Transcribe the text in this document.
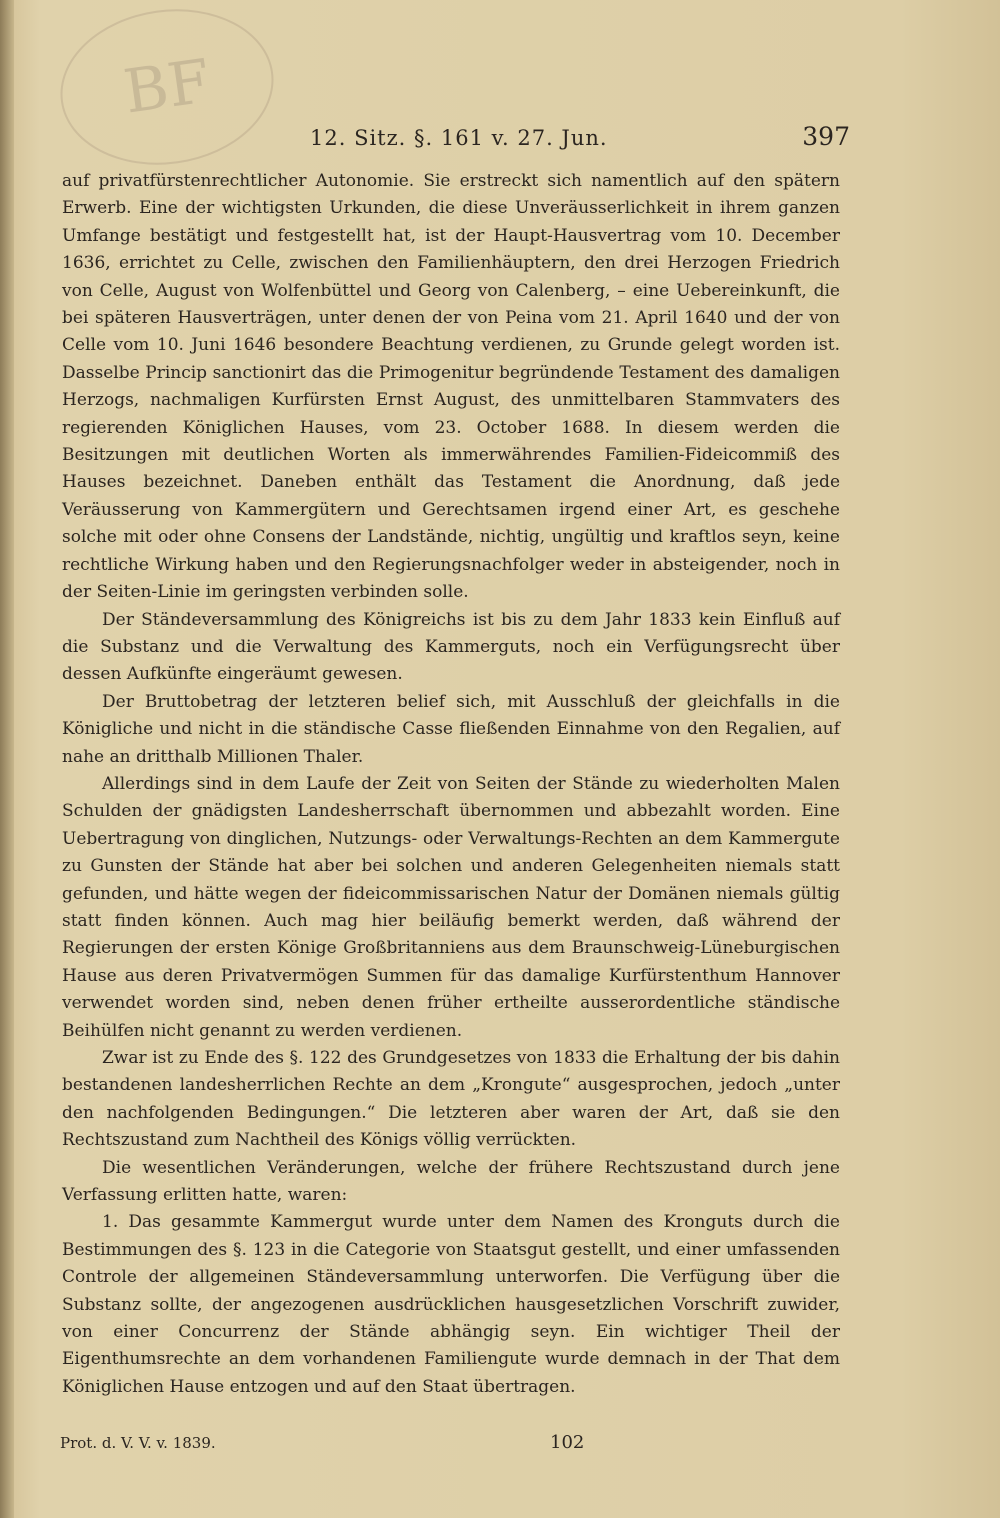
BF
12. Sitz. §. 161 v. 27. Jun.	397

auf privatfürstenrechtlicher Autonomie. Sie erstreckt sich namentlich auf den spätern Erwerb. Eine der wichtigsten Urkunden, die diese Unveräusserlichkeit in ihrem ganzen Umfange bestätigt und festgestellt hat, ist der Haupt-Hausvertrag vom 10. December 1636, errichtet zu Celle, zwischen den Familienhäuptern, den drei Herzogen Friedrich von Celle, August von Wolfenbüttel und Georg von Calenberg, – eine Uebereinkunft, die bei späteren Hausverträgen, unter denen der von Peina vom 21. April 1640 und der von Celle vom 10. Juni 1646 besondere Beachtung verdienen, zu Grunde gelegt worden ist. Dasselbe Princip sanctionirt das die Primogenitur begründende Testament des damaligen Herzogs, nachmaligen Kurfürsten Ernst August, des unmittelbaren Stammvaters des regierenden Königlichen Hauses, vom 23. October 1688. In diesem werden die Besitzungen mit deutlichen Worten als immerwährendes Familien-Fideicommiß des Hauses bezeichnet. Daneben enthält das Testament die Anordnung, daß jede Veräusserung von Kammergütern und Gerechtsamen irgend einer Art, es geschehe solche mit oder ohne Consens der Landstände, nichtig, ungültig und kraftlos seyn, keine rechtliche Wirkung haben und den Regierungsnachfolger weder in absteigender, noch in der Seiten-Linie im geringsten verbinden solle.

Der Ständeversammlung des Königreichs ist bis zu dem Jahr 1833 kein Einfluß auf die Substanz und die Verwaltung des Kammerguts, noch ein Verfügungsrecht über dessen Aufkünfte eingeräumt gewesen.

Der Bruttobetrag der letzteren belief sich, mit Ausschluß der gleichfalls in die Königliche und nicht in die ständische Casse fließenden Einnahme von den Regalien, auf nahe an dritthalb Millionen Thaler.

Allerdings sind in dem Laufe der Zeit von Seiten der Stände zu wiederholten Malen Schulden der gnädigsten Landesherrschaft übernommen und abbezahlt worden. Eine Uebertragung von dinglichen, Nutzungs- oder Verwaltungs-Rechten an dem Kammergute zu Gunsten der Stände hat aber bei solchen und anderen Gelegenheiten niemals statt gefunden, und hätte wegen der fideicommissarischen Natur der Domänen niemals gültig statt finden können. Auch mag hier beiläufig bemerkt werden, daß während der Regierungen der ersten Könige Großbritanniens aus dem Braunschweig-Lüneburgischen Hause aus deren Privatvermögen Summen für das damalige Kurfürstenthum Hannover verwendet worden sind, neben denen früher ertheilte ausserordentliche ständische Beihülfen nicht genannt zu werden verdienen.

Zwar ist zu Ende des §. 122 des Grundgesetzes von 1833 die Erhaltung der bis dahin bestandenen landesherrlichen Rechte an dem „Krongute“ ausgesprochen, jedoch „unter den nachfolgenden Bedingungen.“ Die letzteren aber waren der Art, daß sie den Rechtszustand zum Nachtheil des Königs völlig verrückten.

Die wesentlichen Veränderungen, welche der frühere Rechtszustand durch jene Verfassung erlitten hatte, waren:

1. Das gesammte Kammergut wurde unter dem Namen des Kronguts durch die Bestimmungen des §. 123 in die Categorie von Staatsgut gestellt, und einer umfassenden Controle der allgemeinen Ständeversammlung unterworfen. Die Verfügung über die Substanz sollte, der angezogenen ausdrücklichen hausgesetzlichen Vorschrift zuwider, von einer Concurrenz der Stände abhängig seyn. Ein wichtiger Theil der Eigenthumsrechte an dem vorhandenen Familiengute wurde demnach in der That dem Königlichen Hause entzogen und auf den Staat übertragen.

Prot. d. V. V. v. 1839.	102
